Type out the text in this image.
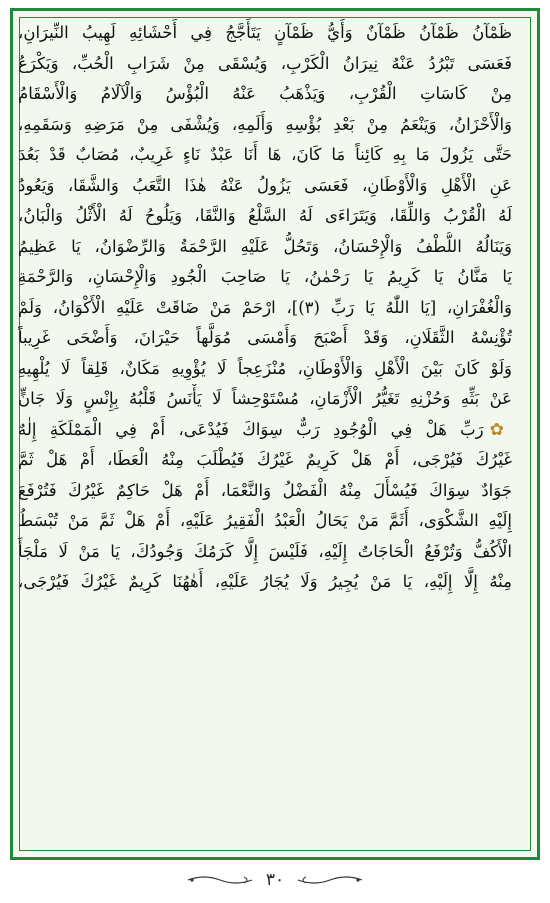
ظَمْآنُ ظَمْآنُ ظَمْآنٌ وَأَيُّ ظَمْآنٍ يَتَأَجَّجُ فِي أَحْشَائِهِ لَهِيبُ النِّيرَانِ،
فَعَسَى تَبْرُدُ عَنْهُ نِيرَانُ الْكَرْبِ، وَيُسْقَى مِنْ شَرَابِ الْحُبِّ، وَيَكْرَعُ
مِنْ كَاسَاتِ الْقُرْبِ، وَيَذْهَبُ عَنْهُ الْبُؤْسُ وَالْآلَامُ وَالْأَسْقَامُ
وَالْأَحْزَانُ، وَيَنْعَمُ مِنْ بَعْدِ بُؤْسِهِ وَأَلَمِهِ، وَيُشْفَى مِنْ مَرَضِهِ وَسَقَمِهِ،
حَتَّى يَزُولَ مَا بِهِ كَائِناً مَا كَانَ، هَا أَنَا عَبْدٌ نَاءٍ غَرِيبٌ، مُصَابٌ قَدْ بَعُدَ
عَنِ الْأَهْلِ وَالْأَوْطَانِ، فَعَسَى يَزُولُ عَنْهُ هٰذَا التَّعَبُ وَالشَّقَا، وَيَعُودُ
لَهُ الْقُرْبُ وَاللِّقَا، وَيَتَرَاءَى لَهُ السَّلْعُ وَالنَّقَا، وَيَلُوحُ لَهُ الْأَثْلُ وَالْبَانُ،
وَيَنَالُهُ اللُّطْفُ وَالْإِحْسَانُ، وَتَحُلُّ عَلَيْهِ الرَّحْمَةُ وَالرِّضْوَانُ، يَا عَظِيمُ
يَا مَنَّانُ يَا كَرِيمُ يَا رَحْمٰنُ، يَا صَاحِبَ الْجُودِ وَالْإِحْسَانِ، وَالرَّحْمَةِ
وَالْغُفْرَانِ، [يَا اللّٰهُ يَا رَبِّ (٣)]، ارْحَمْ مَنْ ضَاقَتْ عَلَيْهِ الْأَكْوَانُ، وَلَمْ
تُؤْنِسْهُ الثَّقَلَانِ، وَقَدْ أَصْبَحَ وَأَمْسَى مُوَلَّهاً حَيْرَانَ، وَأَضْحَى غَرِيباً
وَلَوْ كَانَ بَيْنَ الْأَهْلِ وَالْأَوْطَانِ، مُنْزَعِجاً لَا يُؤْوِيهِ مَكَانٌ، قَلِقاً لَا يُلْهِيهِ
عَنْ بَثِّهِ وَحُزْنِهِ تَغَيُّرُ الْأَزْمَانِ، مُسْتَوْحِشاً لَا يَأْنَسُ قَلْبُهُ بِإِنْسٍ وَلَا جَانٍّ
✿رَبِّ هَلْ فِي الْوُجُودِ رَبٌّ سِوَاكَ فَيُدْعَى، أَمْ فِي الْمَمْلَكَةِ إِلٰهٌ
غَيْرُكَ فَيُرْجَى، أَمْ هَلْ كَرِيمٌ غَيْرُكَ فَيُطْلَبَ مِنْهُ الْعَطَا، أَمْ هَلْ ثَمَّ
جَوَادٌ سِوَاكَ فَيُسْأَلَ مِنْهُ الْفَضْلُ وَالنَّعْمَا، أَمْ هَلْ حَاكِمٌ غَيْرُكَ فَتُرْفَعَ
إِلَيْهِ الشَّكْوَى، أَثَمَّ مَنْ يَحَالُ الْعَبْدُ الْفَقِيرُ عَلَيْهِ، أَمْ هَلْ ثَمَّ مَنْ تُبْسَطُ
الْأَكُفُّ وَتُرْفَعُ الْحَاجَاتُ إِلَيْهِ، فَلَيْسَ إِلَّا كَرَمُكَ وَجُودُكَ، يَا مَنْ لَا مَلْجَأَ
مِنْهُ إِلَّا إِلَيْهِ، يَا مَنْ يُجِيرُ وَلَا يُجَارُ عَلَيْهِ، أَهٰهُنَا كَرِيمٌ غَيْرُكَ فَيُرْجَى،
٣٠
